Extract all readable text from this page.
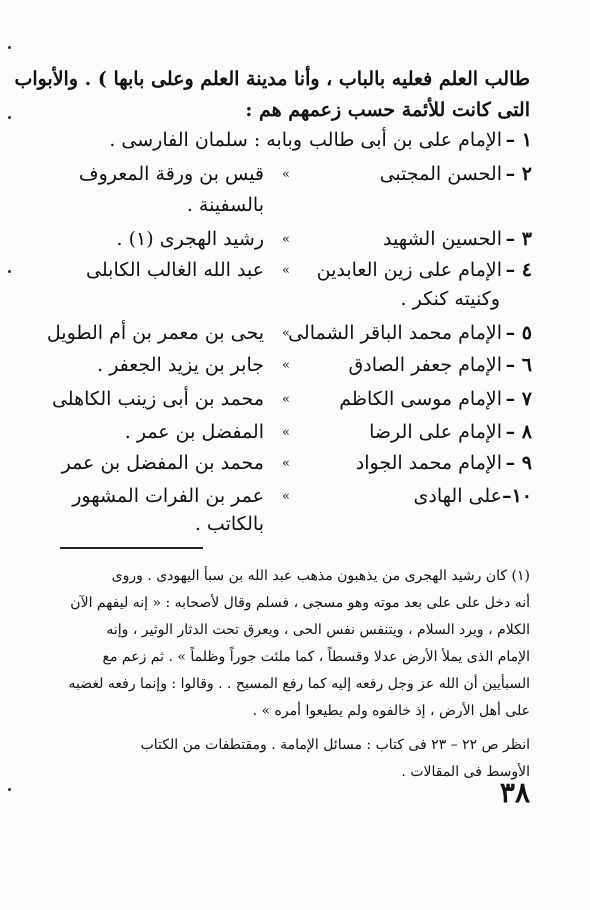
طالب العلم فعليه بالباب ، وأنا مدينة العلم وعلى بابها ) . والأبواب
التى كانت للأئمة حسب زعمهم هم :
١ –
الإمام على بن أبى طالب
وبابه : سلمان الفارسى .
٢ –
الحسن المجتبى
»
قيس بن ورقة المعروف
بالسفينة .
٣ –
الحسين الشهيد
»
رشيد الهجرى (١) .
٤ –
الإمام على زين العابدين
»
عبد الله الغالب الكابلى
وكنيته كنكر .
٥ –
الإمام محمد الباقر الشمالى
»
يحى بن معمر بن أم الطويل
٦ –
الإمام جعفر الصادق
»
جابر بن يزيد الجعفر .
٧ –
الإمام موسى الكاظم
»
محمد بن أبى زينب الكاهلى
٨ –
الإمام على الرضا
»
المفضل بن عمر .
٩ –
الإمام محمد الجواد
»
محمد بن المفضل بن عمر
١٠–
على الهادى
»
عمر بن الفرات المشهور
بالكاتب .
(١) كان رشيد الهجرى من يذهبون مذهب عبد الله بن سبأ اليهودى . وروى
أنه دخل على على بعد موته وهو مسجى ، فسلم وقال لأصحابه : « إنه ليفهم الآن
الكلام ، ويرد السلام ، ويتنفس نفس الحى ، ويعرق تحت الدثار الوثير ، وإنه
الإمام الذى يملأ الأرض عدلا وقسطاً ، كما ملئت جوراً وظلماً » . ثم زعم مع
السبأيين أن الله عز وجل رفعه إليه كما رفع المسيح . . وقالوا : وإنما رفعه لغضبه
على أهل الأرض ، إذ خالفوه ولم يطيعوا أمره » .
انظر ص ٢٢ – ٢٣ فى كتاب : مسائل الإمامة . ومقتطفات من الكتاب
الأوسط فى المقالات .
٣٨
